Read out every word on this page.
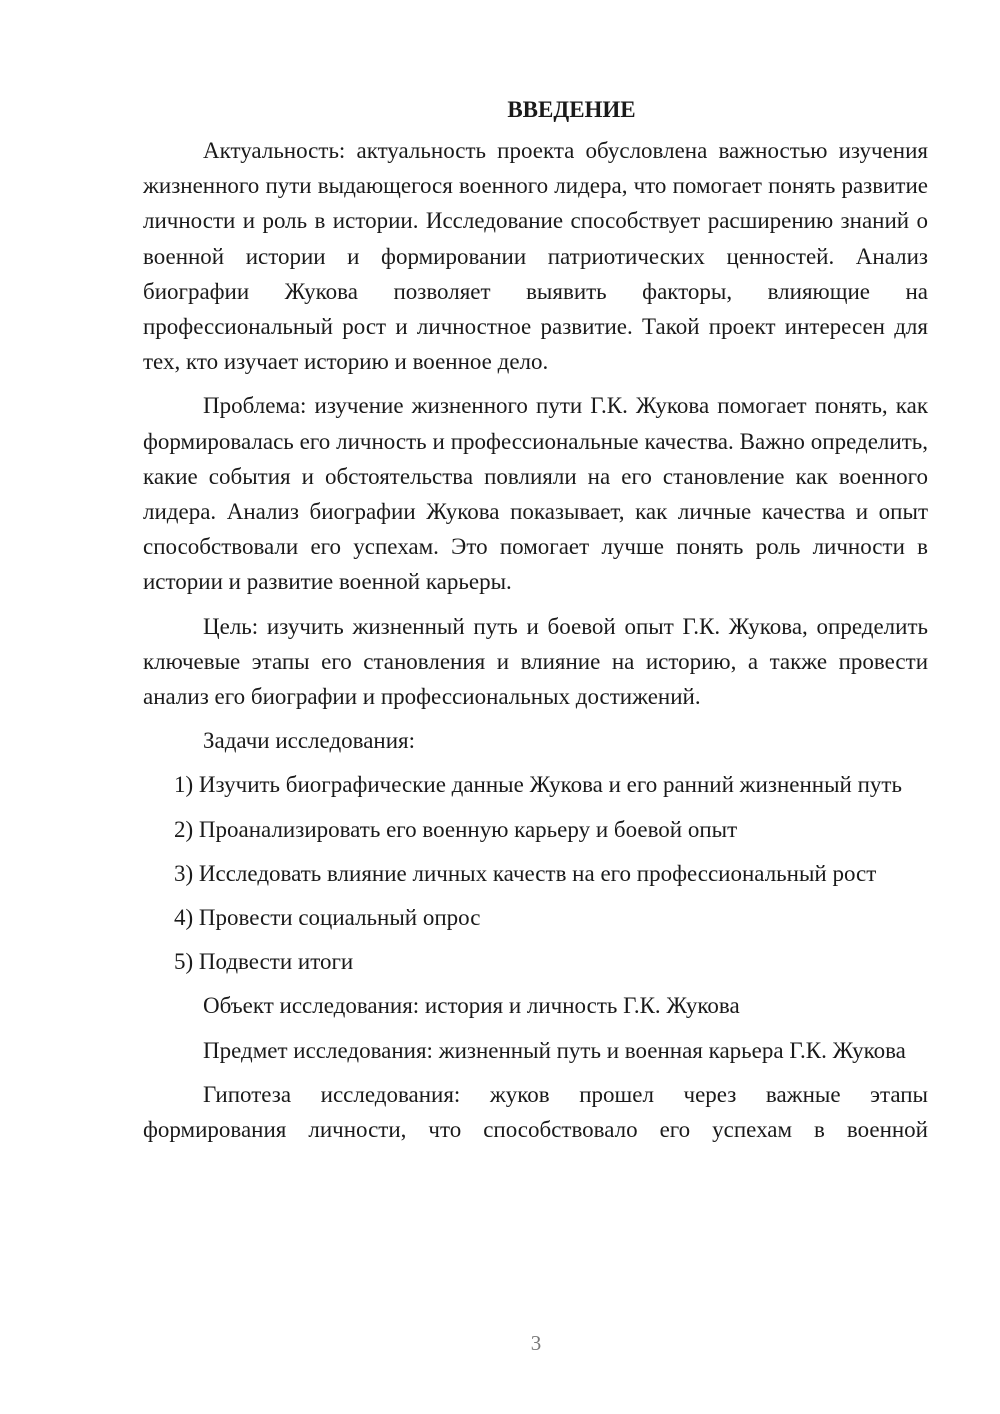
ВВЕДЕНИЕ

Актуальность: актуальность проекта обусловлена важностью изучения жизненного пути выдающегося военного лидера, что помогает понять развитие личности и роль в истории. Исследование способствует расширению знаний о военной истории и формировании патриотических ценностей. Анализ биографии Жукова позволяет выявить факторы, влияющие на профессиональный рост и личностное развитие. Такой проект интересен для тех, кто изучает историю и военное дело.

Проблема: изучение жизненного пути Г.К. Жукова помогает понять, как формировалась его личность и профессиональные качества. Важно определить, какие события и обстоятельства повлияли на его становление как военного лидера. Анализ биографии Жукова показывает, как личные качества и опыт способствовали его успехам. Это помогает лучше понять роль личности в истории и развитие военной карьеры.

Цель: изучить жизненный путь и боевой опыт Г.К. Жукова, определить ключевые этапы его становления и влияние на историю, а также провести анализ его биографии и профессиональных достижений.

Задачи исследования:

1) Изучить биографические данные Жукова и его ранний жизненный путь

2) Проанализировать его военную карьеру и боевой опыт

3) Исследовать влияние личных качеств на его профессиональный рост

4) Провести социальный опрос

5) Подвести итоги

Объект исследования: история и личность Г.К. Жукова

Предмет исследования: жизненный путь и военная карьера Г.К. Жукова

Гипотеза исследования: жуков прошел через важные этапы формирования личности, что способствовало его успехам в военной

3
